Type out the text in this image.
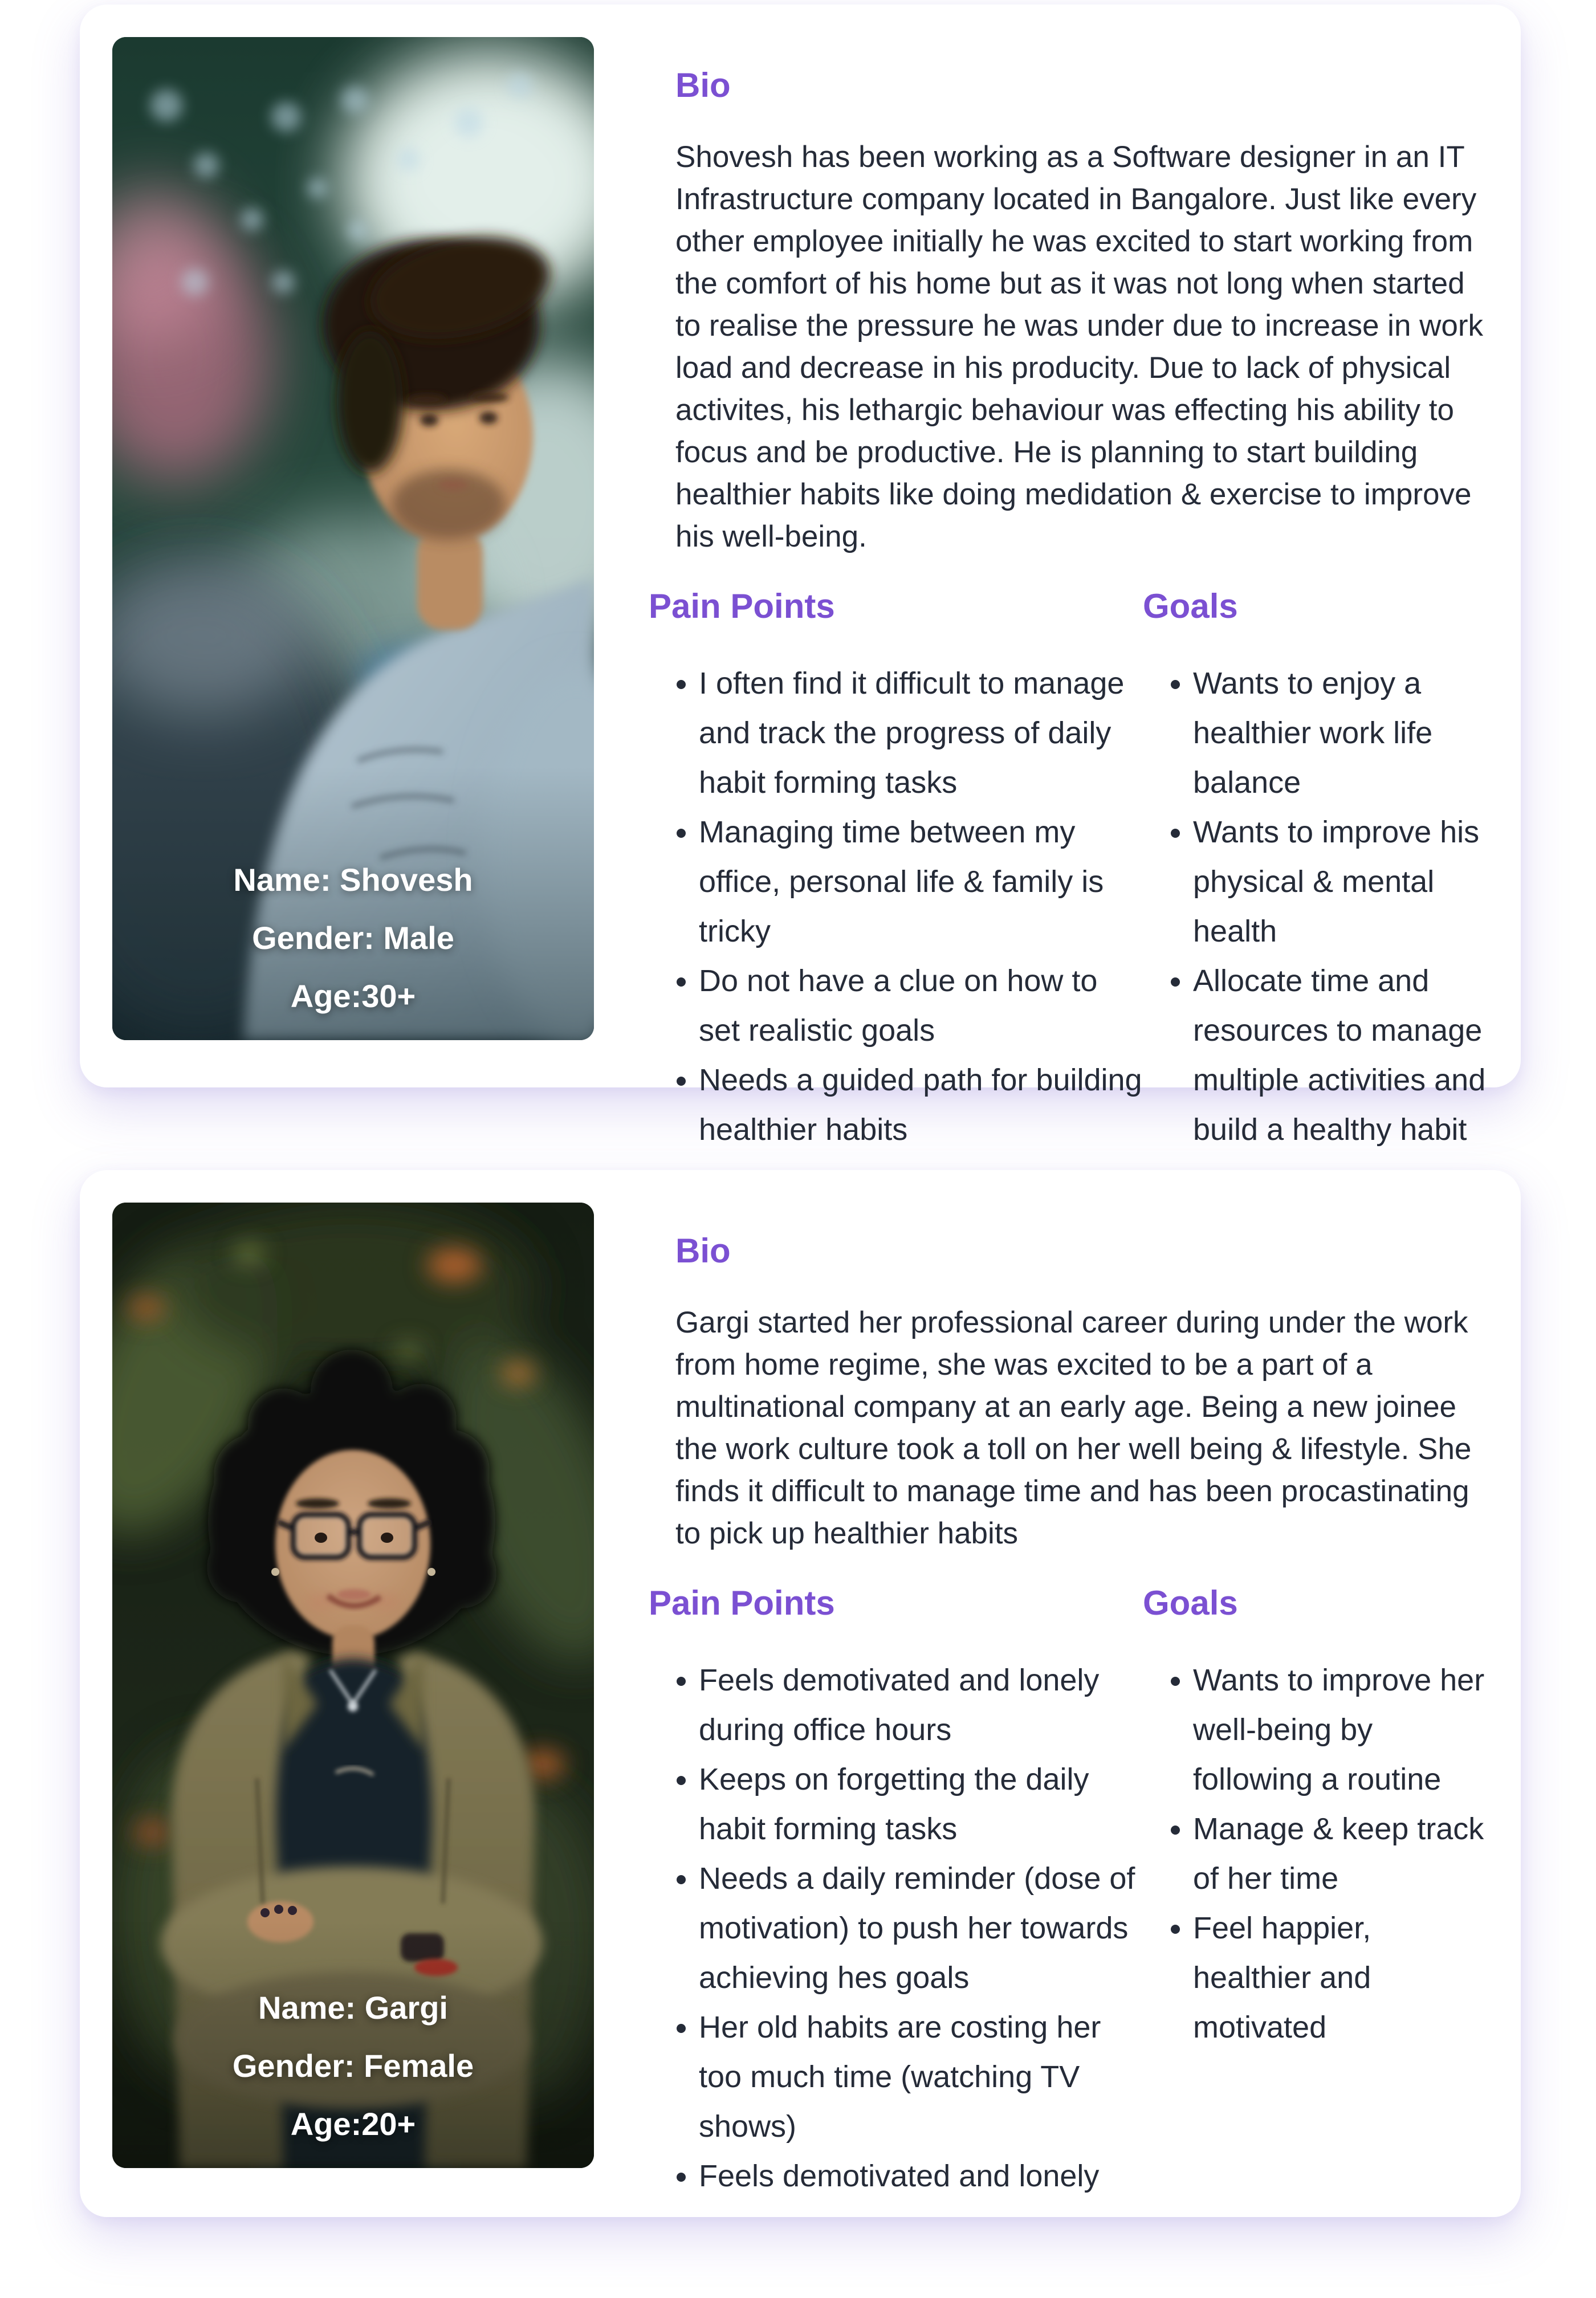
Name: Shovesh
Gender: Male
Age:30+
Bio

Shovesh has been working as a Software designer in an IT Infrastructure company located in Bangalore. Just like every other employee initially he was excited to start working from the comfort of his home but as it was not long when started to realise the pressure he was under due to increase in work load and decrease in his producity. Due to lack of physical activites, his lethargic behaviour was effecting his ability to focus and be productive. He is planning to start building healthier habits like doing medidation & exercise to improve his well-being.

Pain Points
• I often find it difficult to manage and track the progress of daily habit forming tasks
• Managing time between my office, personal life & family is tricky
• Do not have a clue on how to set realistic goals
• Needs a guided path for building healthier habits
Goals
• Wants to enjoy a healthier work life balance
• Wants to improve his physical & mental health
• Allocate time and resources to manage multiple activities and build a healthy habit
Name: Gargi
Gender: Female
Age:20+
Bio

Gargi started her professional career during under the work from home regime, she was excited to be a part of a multinational company at an early age. Being a new joinee the work culture took a toll on her well being & lifestyle. She finds it difficult to manage time and has been procastinating to pick up healthier habits

Pain Points
• Feels demotivated and lonely during office hours
• Keeps on forgetting the daily habit forming tasks
• Needs a daily reminder (dose of motivation) to push her towards achieving hes goals
• Her old habits are costing her too much time (watching TV shows)
• Feels demotivated and lonely
Goals
• Wants to improve her well-being by following a routine
• Manage & keep track of her time
• Feel happier, healthier and motivated
